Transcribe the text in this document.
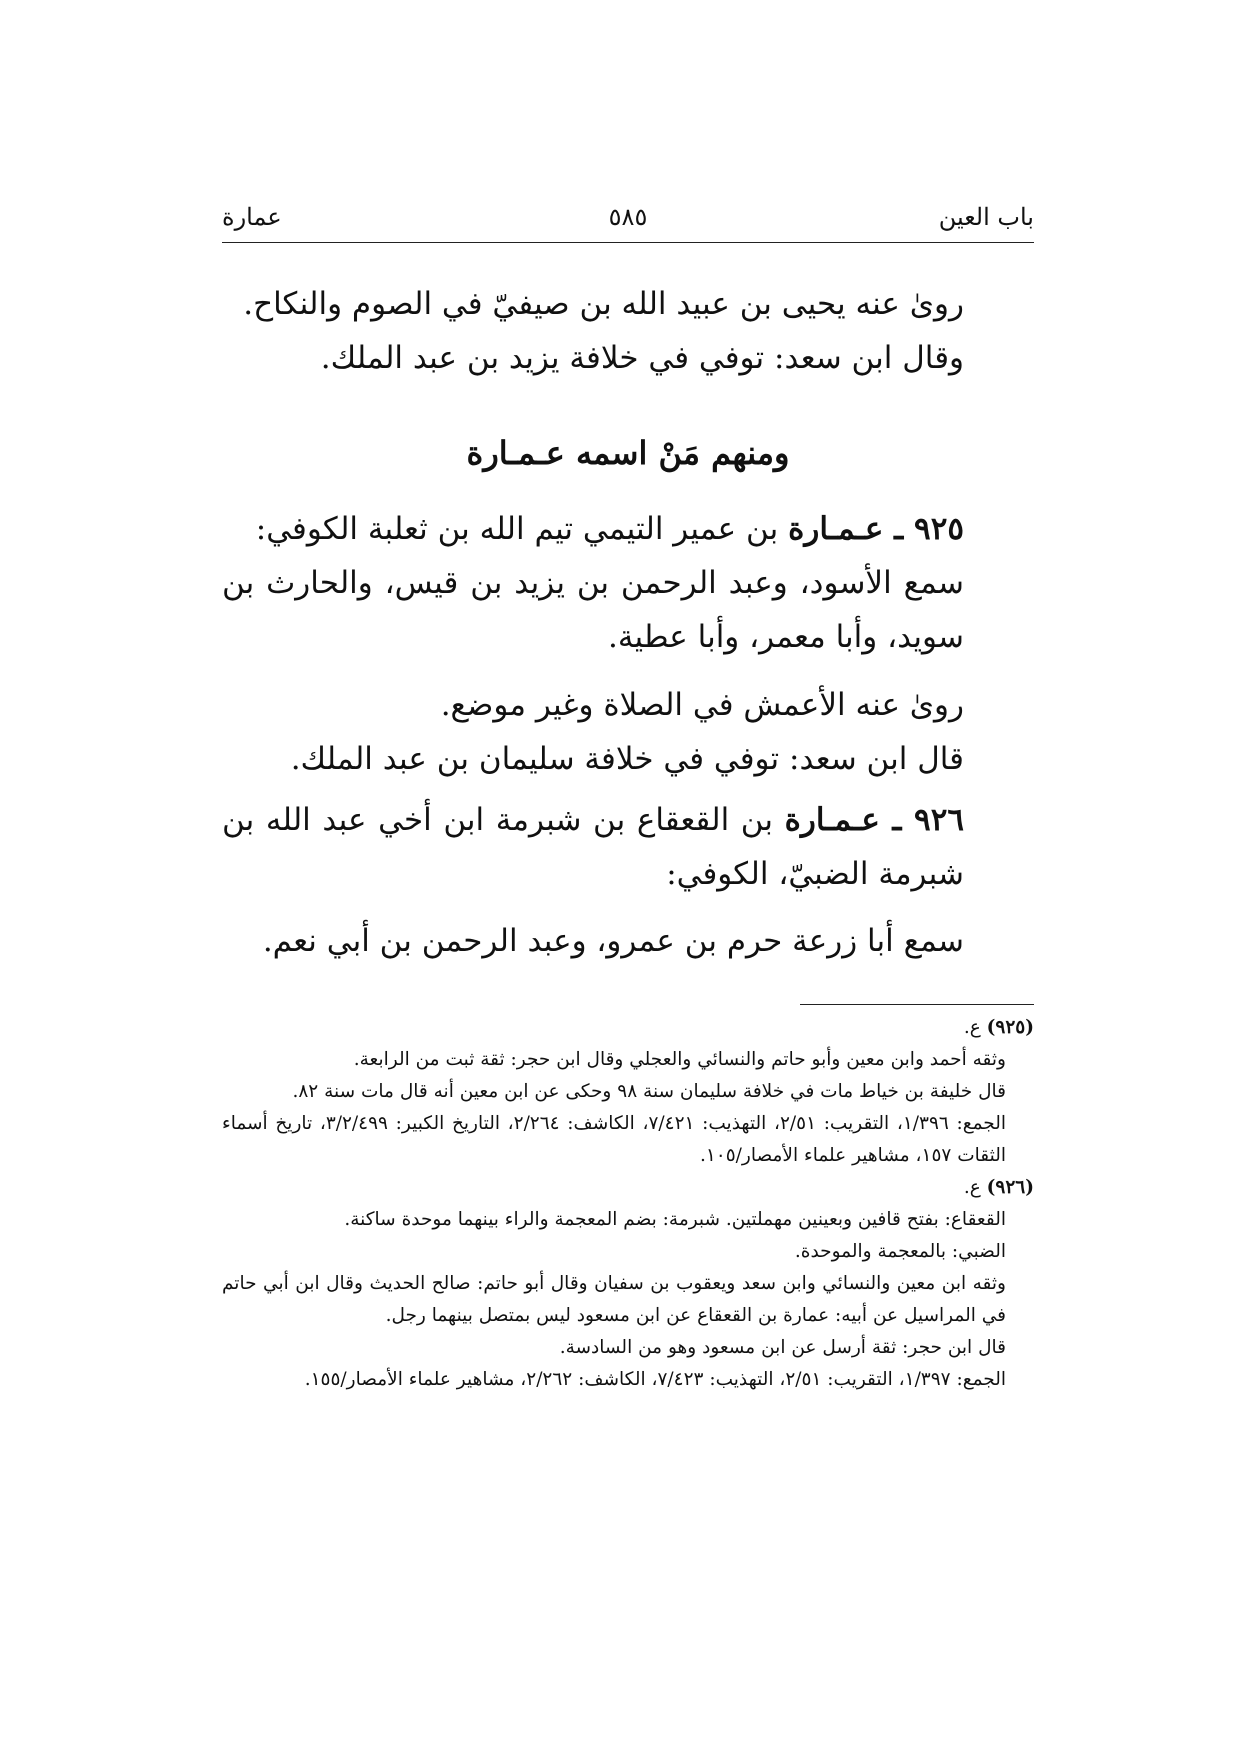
باب العين
٥٨٥
عمارة

روىٰ عنه يحيى بن عبيد الله بن صيفيّ في الصوم والنكاح.

وقال ابن سعد: توفي في خلافة يزيد بن عبد الملك.

ومنهم مَنْ اسمه عـمـارة

٩٢٥ ـ عـمـارة بن عمير التيمي تيم الله بن ثعلبة الكوفي:

سمع الأسود، وعبد الرحمن بن يزيد بن قيس، والحارث بن سويد، وأبا معمر، وأبا عطية.

روىٰ عنه الأعمش في الصلاة وغير موضع.

قال ابن سعد: توفي في خلافة سليمان بن عبد الملك.

٩٢٦ ـ عـمـارة بن القعقاع بن شبرمة ابن أخي عبد الله بن شبرمة الضبيّ، الكوفي:

سمع أبا زرعة حرم بن عمرو، وعبد الرحمن بن أبي نعم.

(٩٢٥) ع.

وثقه أحمد وابن معين وأبو حاتم والنسائي والعجلي وقال ابن حجر: ثقة ثبت من الرابعة.

قال خليفة بن خياط مات في خلافة سليمان سنة ٩٨ وحكى عن ابن معين أنه قال مات سنة ٨٢.

الجمع: ١/٣٩٦، التقريب: ٢/٥١، التهذيب: ٧/٤٢١، الكاشف: ٢/٢٦٤، التاريخ الكبير: ٣/٢/٤٩٩، تاريخ أسماء الثقات ١٥٧، مشاهير علماء الأمصار/١٠٥.

(٩٢٦) ع.

القعقاع: بفتح قافين وبعينين مهملتين. شبرمة: بضم المعجمة والراء بينهما موحدة ساكنة.

الضبي: بالمعجمة والموحدة.

وثقه ابن معين والنسائي وابن سعد ويعقوب بن سفيان وقال أبو حاتم: صالح الحديث وقال ابن أبي حاتم في المراسيل عن أبيه: عمارة بن القعقاع عن ابن مسعود ليس بمتصل بينهما رجل.

قال ابن حجر: ثقة أرسل عن ابن مسعود وهو من السادسة.

الجمع: ١/٣٩٧، التقريب: ٢/٥١، التهذيب: ٧/٤٢٣، الكاشف: ٢/٢٦٢، مشاهير علماء الأمصار/١٥٥.
